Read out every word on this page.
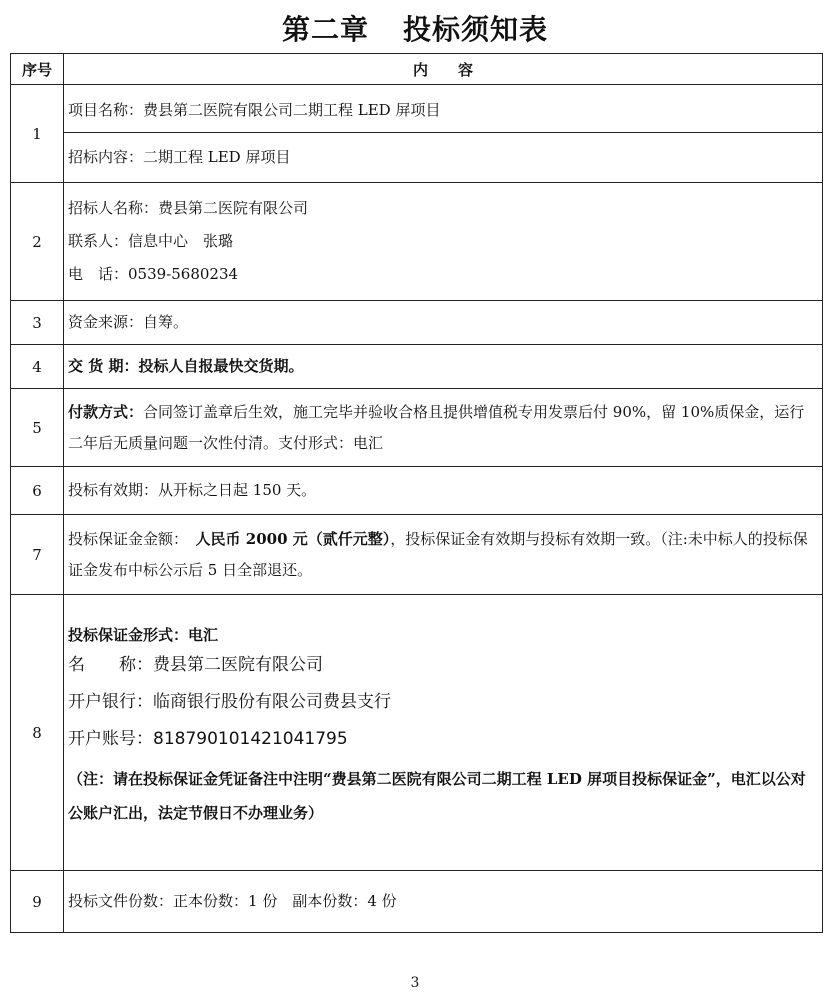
第二章 投标须知表
序号	内　　容
1	项目名称：费县第二医院有限公司二期工程 LED 屏项目
	招标内容：二期工程 LED 屏项目
2	招标人名称：费县第二医院有限公司
联系人：信息中心　张璐
电　话：0539-5680234

3	资金来源：自筹。
4	交 货 期：投标人自报最快交货期。
5	付款方式：合同签订盖章后生效，施工完毕并验收合格且提供增值税专用发票后付 90%，留 10%质保金，运行二年后无质量问题一次性付清。支付形式：电汇
6	投标有效期：从开标之日起 150 天。
7	投标保证金金额：　 人民币 2000 元（贰仟元整），投标保证金有效期与投标有效期一致。（注:未中标人的投标保证金发布中标公示后 5 日全部退还。
8	投标保证金形式：电汇
名　　称：费县第二医院有限公司
开户银行：临商银行股份有限公司费县支行
开户账号：818790101421041795
（注：请在投标保证金凭证备注中注明“费县第二医院有限公司二期工程 LED 屏项目投标保证金”，电汇以公对公账户汇出，法定节假日不办理业务）

9	投标文件份数：正本份数：1 份　副本份数：4 份
3
